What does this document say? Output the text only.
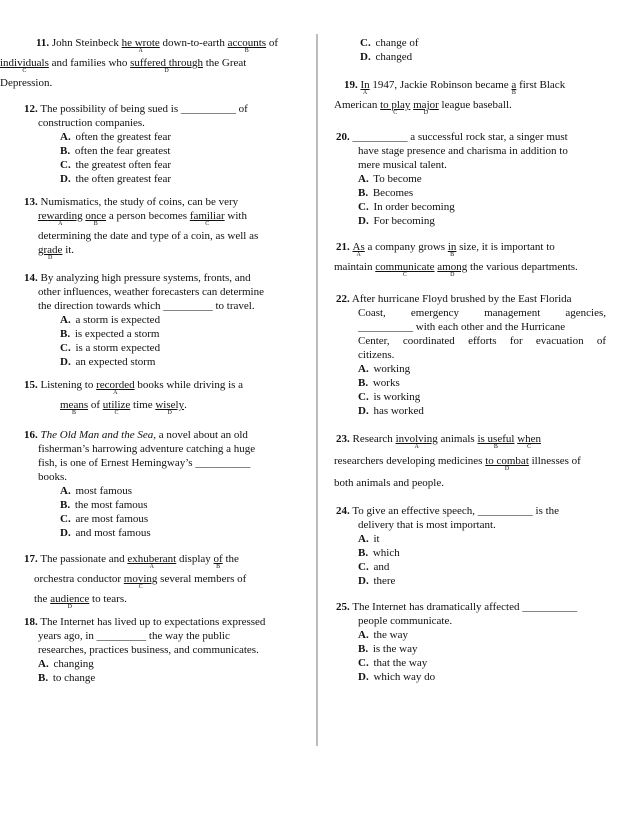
11. John Steinbeck he wrote
A
down-to-earth accounts
B
of
individuals
C
and families who suffered through
D
the Great
Depression.
12. The possibility of being sued is __________ of
construction companies.
A. often the greatest fear
B. often the fear greatest
C. the greatest often fear
D. the often greatest fear
13. Numismatics, the study of coins, can be very
rewarding
A
once
B
a person becomes familiar
C
with
determining the date and type of a coin, as well as
grade
D
it.
14. By analyzing high pressure systems, fronts, and
other influences, weather forecasters can determine
the direction towards which _________ to travel.
A. a storm is expected
B. is expected a storm
C. is a storm expected
D. an expected storm
15. Listening to recorded
A
books while driving is a
means
B
of utilize
C
time wisely
D
.
16. The Old Man and the Sea, a novel about an old
fisherman’s harrowing adventure catching a huge
fish, is one of Ernest Hemingway’s __________
books.
A. most famous
B. the most famous
C. are most famous
D. and most famous
17. The passionate and exhuberant
A
display of
B
the
orchestra conductor moving
C
several members of
the audience
D
to tears.
18. The Internet has lived up to expectations expressed
years ago, in _________ the way the public
researches, practices business, and communicates.
A. changing
B. to change
C. change of
D. changed
19. In
A
1947, Jackie Robinson became a
B
first Black
American to play
C
major
D
league baseball.
20. __________ a successful rock star, a singer must
have stage presence and charisma in addition to
mere musical talent.
A. To become
B. Becomes
C. In order becoming
D. For becoming
21. As
A
a company grows in
B
size, it is important to
maintain communicate
C
among
D
the various departments.
22. After hurricane Floyd brushed by the East Florida
Coast, emergency management agencies,
__________ with each other and the Hurricane
Center, coordinated efforts for evacuation of
citizens.
A. working
B. works
C. is working
D. has worked
23. Research involving
A
animals is useful
B
when
C
researchers developing medicines to combat
D
illnesses of
both animals and people.
24. To give an effective speech, __________ is the
delivery that is most important.
A. it
B. which
C. and
D. there
25. The Internet has dramatically affected __________
people communicate.
A. the way
B. is the way
C. that the way
D. which way do
